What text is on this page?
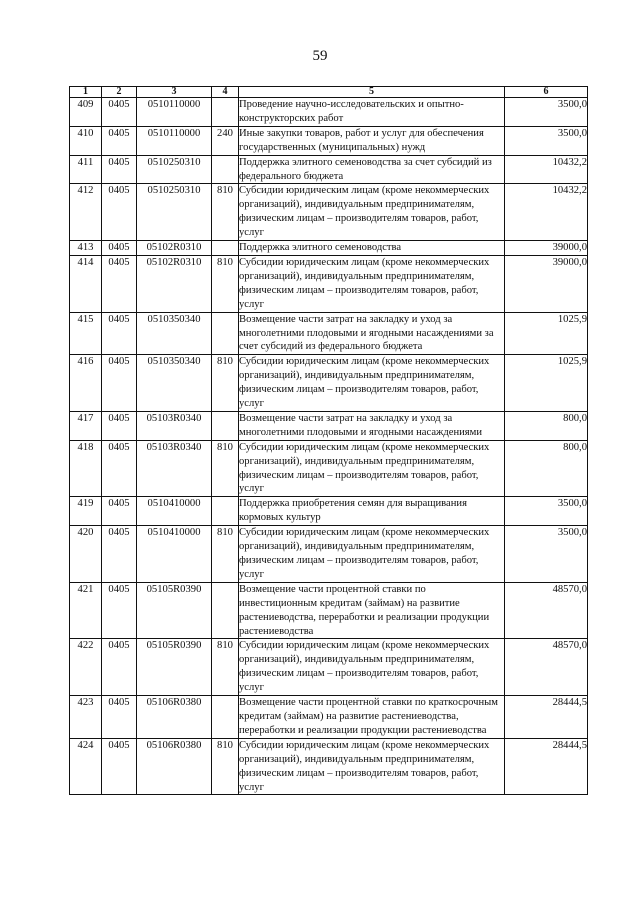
59
1	2	3	4	5	6
409	0405	0510110000		Проведение научно-исследовательских и опытно-конструкторских работ	3500,0
410	0405	0510110000	240	Иные закупки товаров, работ и услуг для обеспечения государственных (муниципальных) нужд	3500,0
411	0405	0510250310		Поддержка элитного семеноводства за счет субсидий из федерального бюджета	10432,2
412	0405	0510250310	810	Субсидии юридическим лицам (кроме некоммерческих организаций), индивидуальным предпринимателям, физическим лицам – производителям товаров, работ, услуг	10432,2
413	0405	05102R0310		Поддержка элитного семеноводства	39000,0
414	0405	05102R0310	810	Субсидии юридическим лицам (кроме некоммерческих организаций), индивидуальным предпринимателям, физическим лицам – производителям товаров, работ, услуг	39000,0
415	0405	0510350340		Возмещение части затрат на закладку и уход за многолетними плодовыми и ягодными насаждениями за счет субсидий из федерального бюджета	1025,9
416	0405	0510350340	810	Субсидии юридическим лицам (кроме некоммерческих организаций), индивидуальным предпринимателям, физическим лицам – производителям товаров, работ, услуг	1025,9
417	0405	05103R0340		Возмещение части затрат на закладку и уход за многолетними плодовыми и ягодными насаждениями	800,0
418	0405	05103R0340	810	Субсидии юридическим лицам (кроме некоммерческих организаций), индивидуальным предпринимателям, физическим лицам – производителям товаров, работ, услуг	800,0
419	0405	0510410000		Поддержка приобретения семян для выращивания кормовых культур	3500,0
420	0405	0510410000	810	Субсидии юридическим лицам (кроме некоммерческих организаций), индивидуальным предпринимателям, физическим лицам – производителям товаров, работ, услуг	3500,0
421	0405	05105R0390		Возмещение части процентной ставки по инвестиционным кредитам (займам) на развитие растениеводства, переработки и реализации продукции растениеводства	48570,0
422	0405	05105R0390	810	Субсидии юридическим лицам (кроме некоммерческих организаций), индивидуальным предпринимателям, физическим лицам – производителям товаров, работ, услуг	48570,0
423	0405	05106R0380		Возмещение части процентной ставки по краткосрочным кредитам (займам) на развитие растениеводства, переработки и реализации продукции растениеводства	28444,5
424	0405	05106R0380	810	Субсидии юридическим лицам (кроме некоммерческих организаций), индивидуальным предпринимателям, физическим лицам – производителям товаров, работ, услуг	28444,5
